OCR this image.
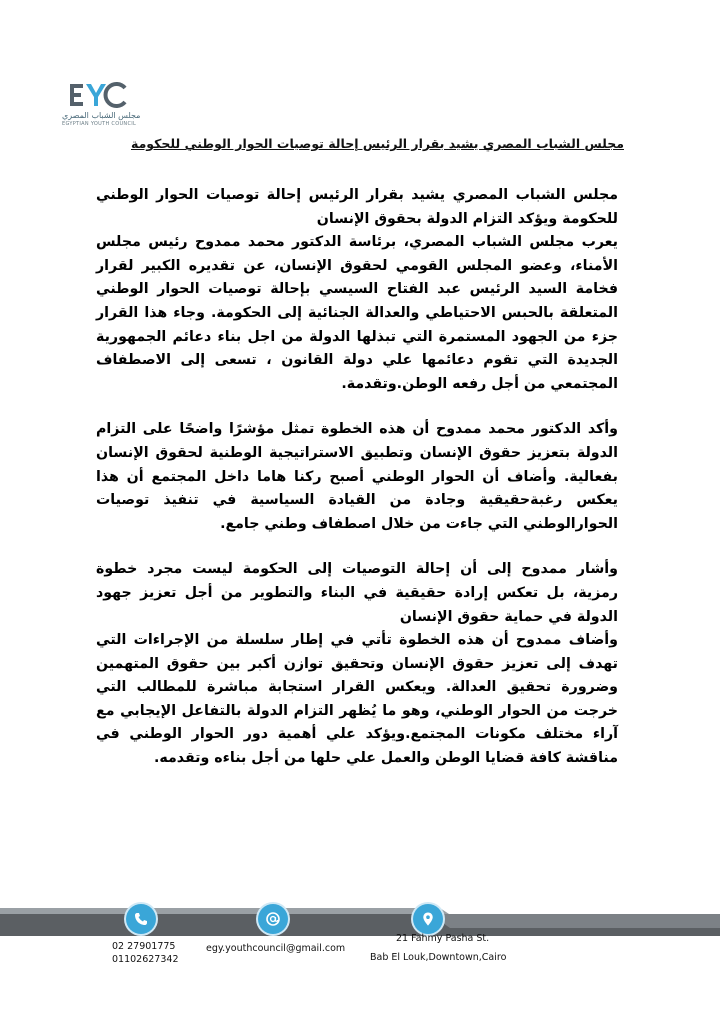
مجلس الشباب المصري
EGYPTIAN YOUTH COUNCIL
مجلس الشباب المصري يشيد بقرار الرئيس إحالة توصيات الحوار الوطني للحكومة

مجلس الشباب المصري يشيد بقرار الرئيس إحالة توصيات الحوار الوطني للحكومة ويؤكد التزام الدولة بحقوق الإنسان

يعرب مجلس الشباب المصري، برئاسة الدكتور محمد ممدوح رئيس مجلس الأمناء، وعضو المجلس القومي لحقوق الإنسان، عن تقديره الكبير لقرار فخامة السيد الرئيس عبد الفتاح السيسي بإحالة توصيات الحوار الوطني المتعلقة بالحبس الاحتياطي والعدالة الجنائية إلى الحكومة. وجاء هذا القرار جزء من الجهود المستمرة التي تبذلها الدولة من اجل بناء دعائم الجمهورية الجديدة التي تقوم دعائمها علي دولة القانون ، تسعى إلى الاصطفاف المجتمعي من أجل رفعه الوطن.وتقدمة.

وأكد الدكتور محمد ممدوح أن هذه الخطوة تمثل مؤشرًا واضحًا على التزام الدولة بتعزيز حقوق الإنسان وتطبيق الاستراتيجية الوطنية لحقوق الإنسان بفعالية. وأضاف أن الحوار الوطني أصبح ركنا هاما داخل المجتمع أن هذا يعكس رغبةحقيقية وجادة من القيادة السياسية في تنفيذ توصيات الحوارالوطني التي جاءت من خلال اصطفاف وطني جامع.

وأشار ممدوح إلى أن إحالة التوصيات إلى الحكومة ليست مجرد خطوة رمزية، بل تعكس إرادة حقيقية في البناء والتطوير من أجل تعزيز جهود الدولة في حماية حقوق الإنسان

وأضاف ممدوح أن هذه الخطوة تأتي في إطار سلسلة من الإجراءات التي تهدف إلى تعزيز حقوق الإنسان وتحقيق توازن أكبر بين حقوق المتهمين وضرورة تحقيق العدالة. ويعكس القرار استجابة مباشرة للمطالب التي خرجت من الحوار الوطني، وهو ما يُظهر التزام الدولة بالتفاعل الإيجابي مع آراء مختلف مكونات المجتمع.ويؤكد علي أهمية دور الحوار الوطني في مناقشة كافة قضايا الوطن والعمل علي حلها من أجل بناءه وتقدمه.

02 27901775
01102627342
egy.youthcouncil@gmail.com
21 Fahmy Pasha St.
Bab El Louk,Downtown,Cairo
